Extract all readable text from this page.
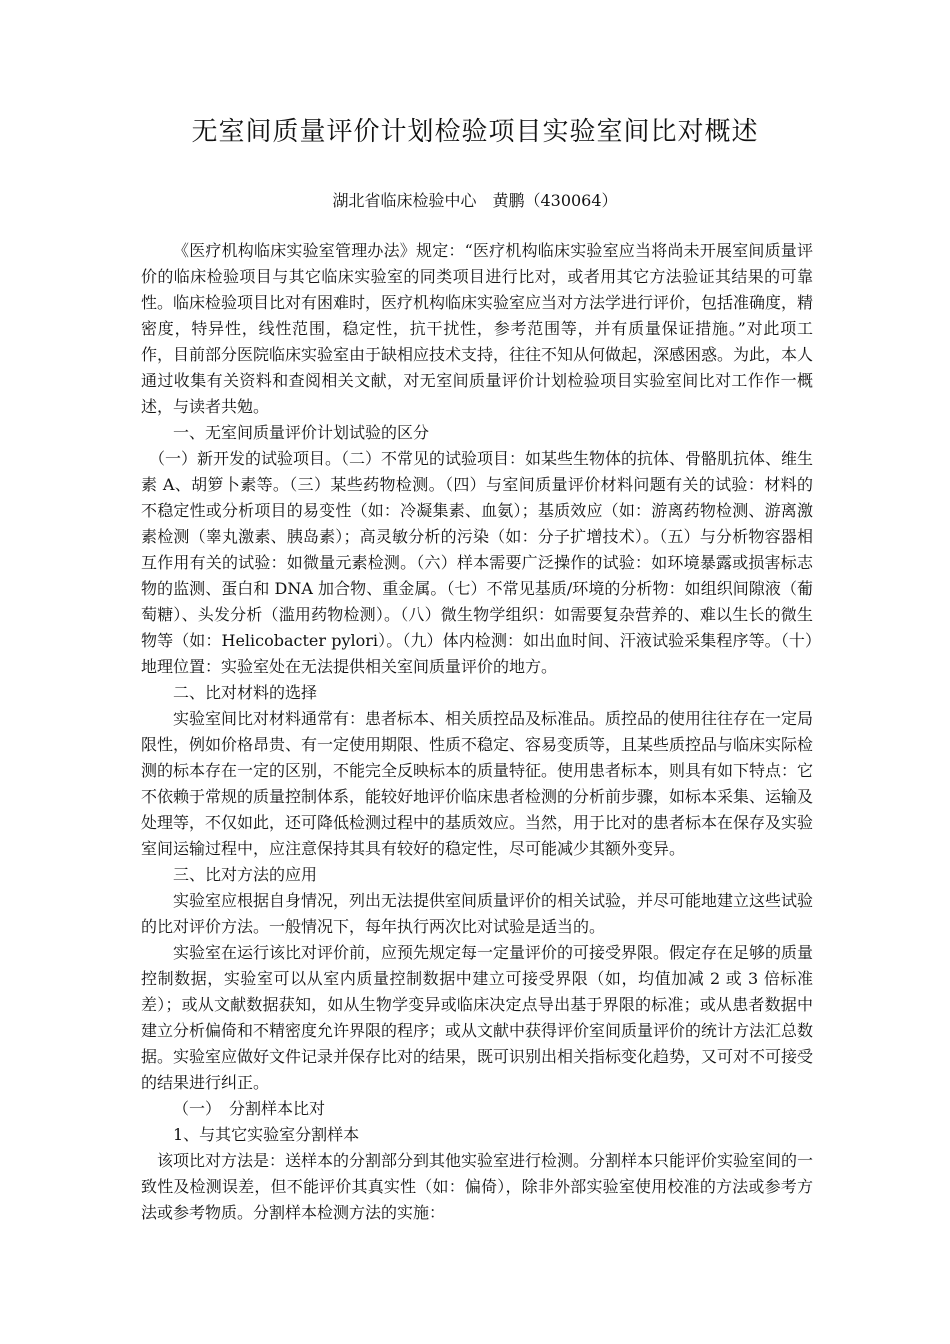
无室间质量评价计划检验项目实验室间比对概述
湖北省临床检验中心　黄鹏（430064）

《医疗机构临床实验室管理办法》规定：“医疗机构临床实验室应当将尚未开展室间质量评价的临床检验项目与其它临床实验室的同类项目进行比对，或者用其它方法验证其结果的可靠性。临床检验项目比对有困难时，医疗机构临床实验室应当对方法学进行评价，包括准确度，精密度，特异性，线性范围，稳定性，抗干扰性，参考范围等，并有质量保证措施。”对此项工作，目前部分医院临床实验室由于缺相应技术支持，往往不知从何做起，深感困惑。为此，本人通过收集有关资料和查阅相关文献，对无室间质量评价计划检验项目实验室间比对工作作一概述，与读者共勉。

一、无室间质量评价计划试验的区分

（一）新开发的试验项目。（二）不常见的试验项目：如某些生物体的抗体、骨骼肌抗体、维生素 A、胡箩卜素等。（三）某些药物检测。（四）与室间质量评价材料问题有关的试验：材料的不稳定性或分析项目的易变性（如：冷凝集素、血氨）；基质效应（如：游离药物检测、游离激素检测（睾丸激素、胰岛素）；高灵敏分析的污染（如：分子扩增技术）。（五）与分析物容器相互作用有关的试验：如微量元素检测。（六）样本需要广泛操作的试验：如环境暴露或损害标志物的监测、蛋白和 DNA 加合物、重金属。（七）不常见基质/环境的分析物：如组织间隙液（葡萄糖）、头发分析（滥用药物检测）。（八）微生物学组织：如需要复杂营养的、难以生长的微生物等（如：Helicobacter pylori）。（九）体内检测：如出血时间、汗液试验采集程序等。（十）地理位置：实验室处在无法提供相关室间质量评价的地方。

二、比对材料的选择

实验室间比对材料通常有：患者标本、相关质控品及标准品。质控品的使用往往存在一定局限性，例如价格昂贵、有一定使用期限、性质不稳定、容易变质等，且某些质控品与临床实际检测的标本存在一定的区别，不能完全反映标本的质量特征。使用患者标本，则具有如下特点：它不依赖于常规的质量控制体系，能较好地评价临床患者检测的分析前步骤，如标本采集、运输及处理等，不仅如此，还可降低检测过程中的基质效应。当然，用于比对的患者标本在保存及实验室间运输过程中，应注意保持其具有较好的稳定性，尽可能减少其额外变异。

三、比对方法的应用

实验室应根据自身情况，列出无法提供室间质量评价的相关试验，并尽可能地建立这些试验的比对评价方法。一般情况下，每年执行两次比对试验是适当的。

实验室在运行该比对评价前，应预先规定每一定量评价的可接受界限。假定存在足够的质量控制数据，实验室可以从室内质量控制数据中建立可接受界限（如，均值加减 2 或 3 倍标准差）；或从文献数据获知，如从生物学变异或临床决定点导出基于界限的标准；或从患者数据中建立分析偏倚和不精密度允许界限的程序；或从文献中获得评价室间质量评价的统计方法汇总数据。实验室应做好文件记录并保存比对的结果，既可识别出相关指标变化趋势，又可对不可接受的结果进行纠正。

（一）　分割样本比对

1、与其它实验室分割样本

该项比对方法是：送样本的分割部分到其他实验室进行检测。分割样本只能评价实验室间的一致性及检测误差，但不能评价其真实性（如：偏倚），除非外部实验室使用校准的方法或参考方法或参考物质。分割样本检测方法的实施：
